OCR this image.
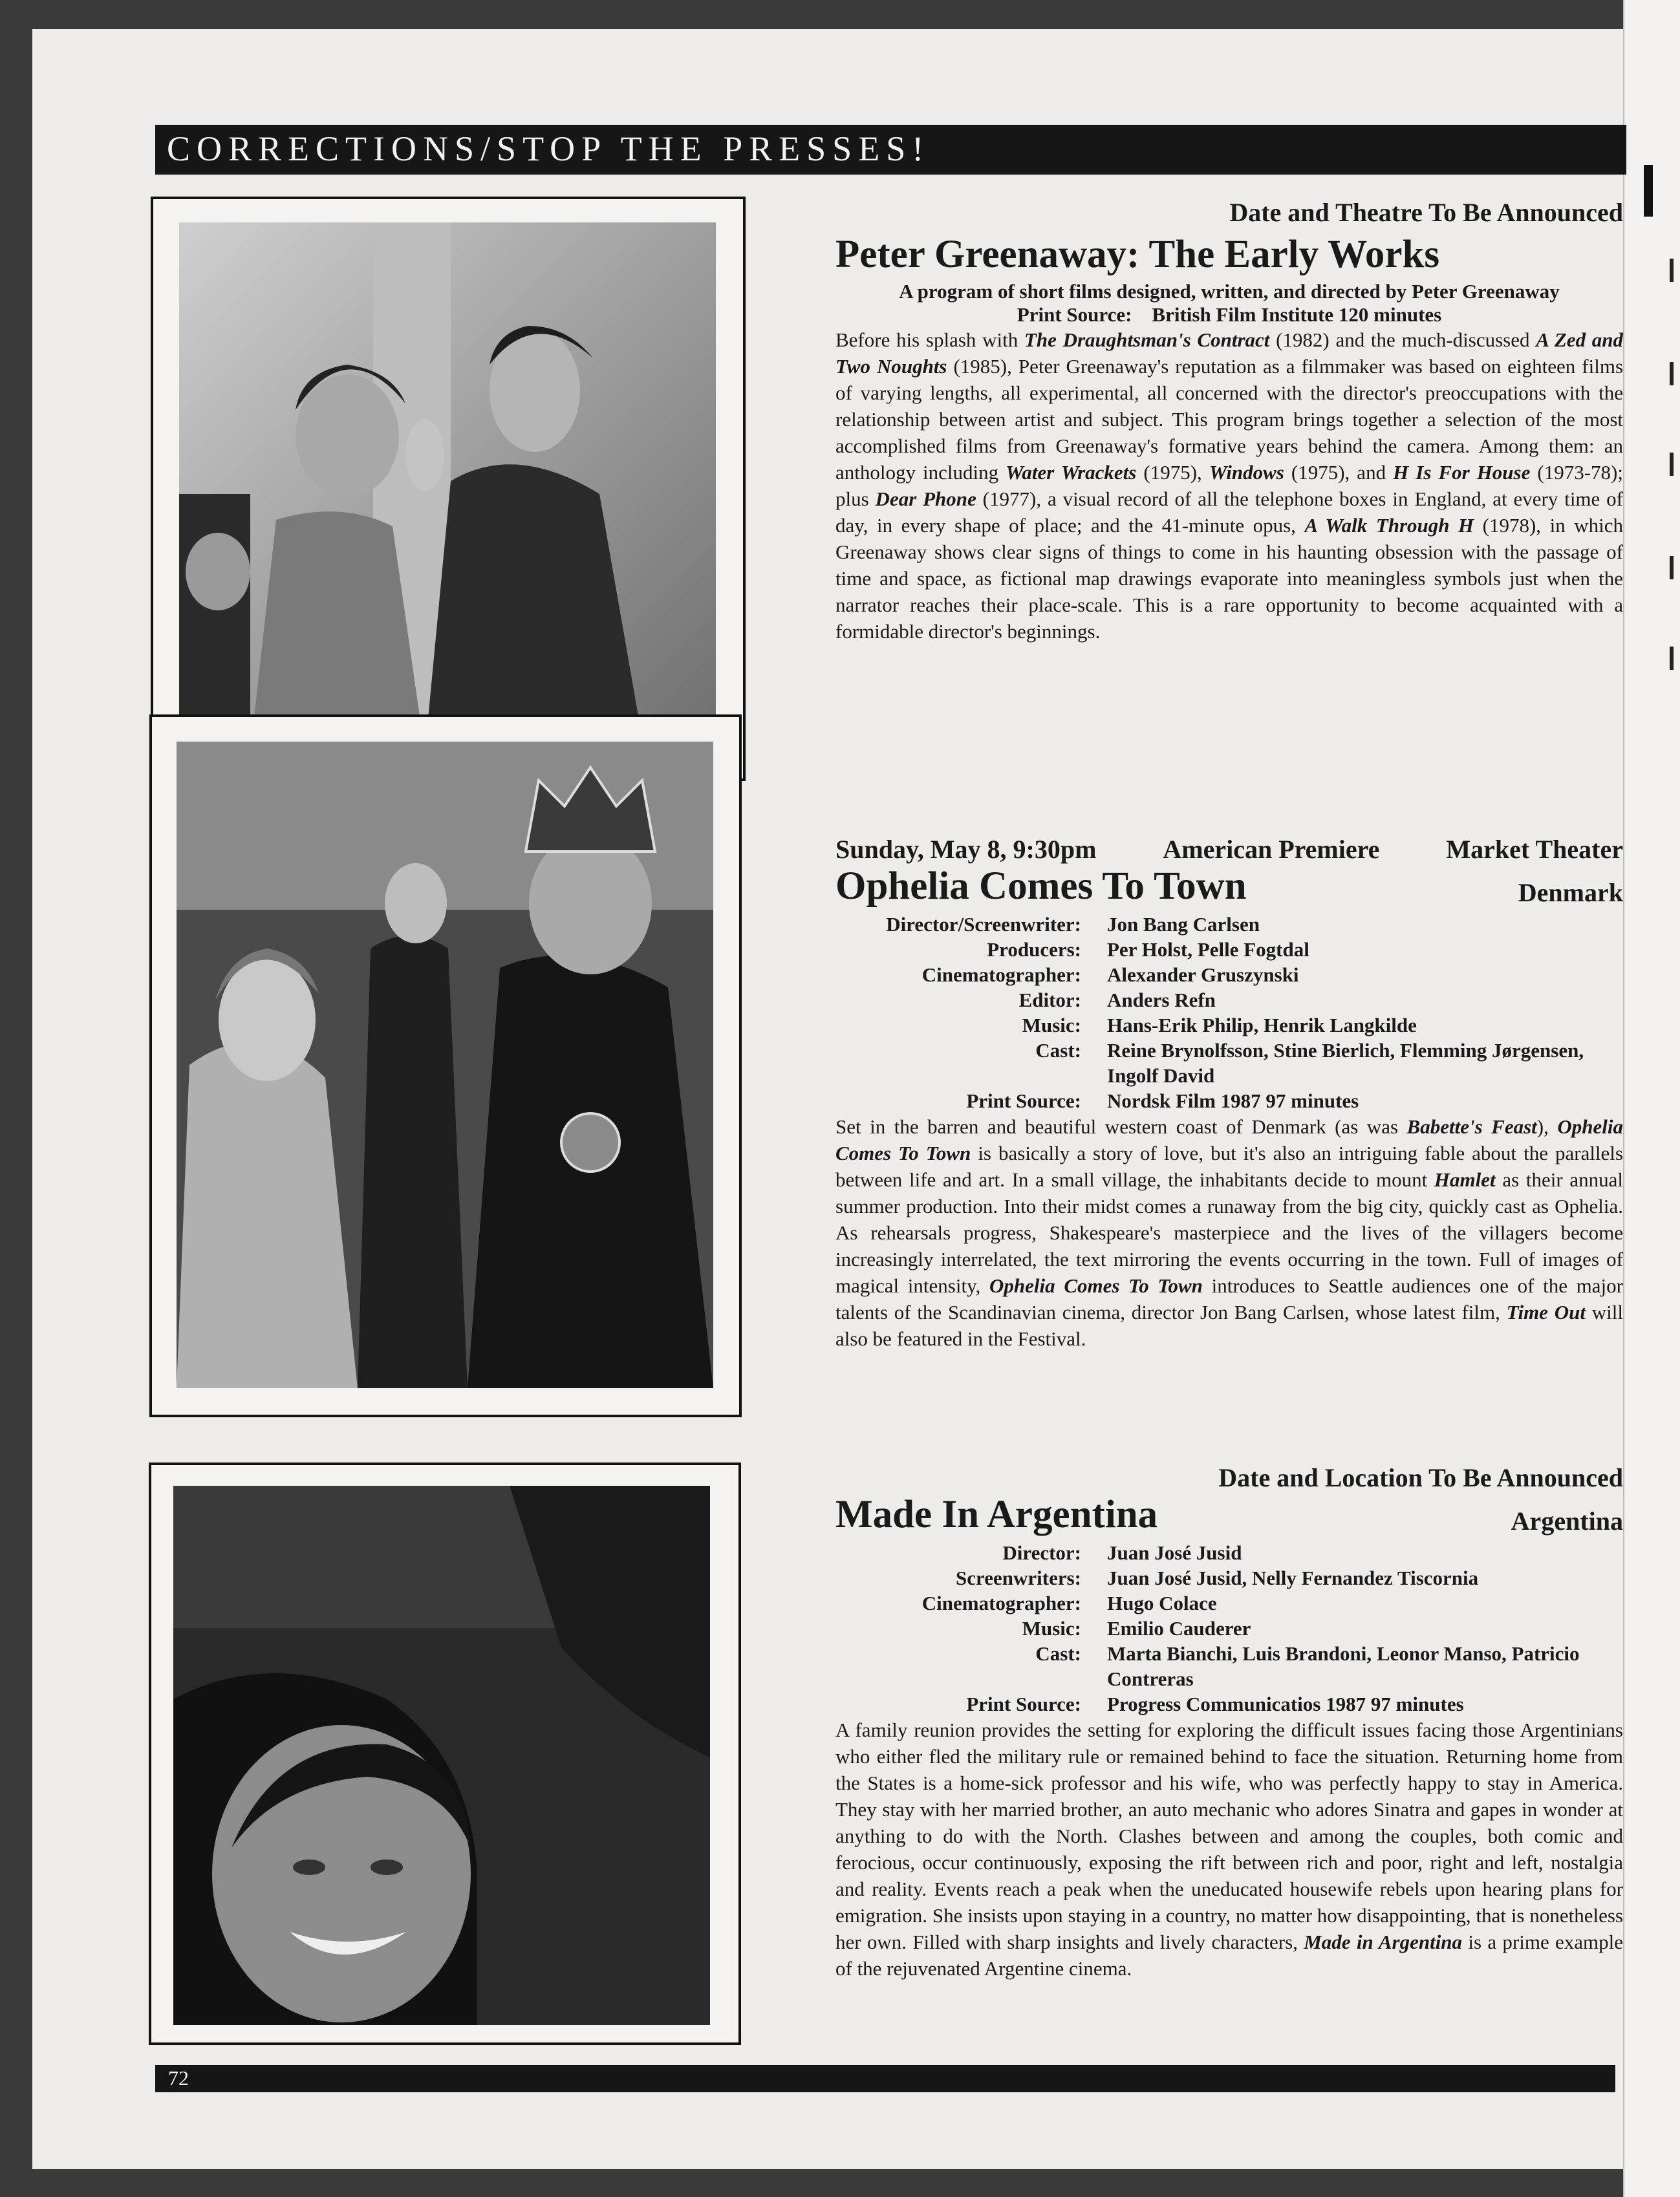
CORRECTIONS/STOP THE PRESSES!
Date and Theatre To Be Announced
Peter Greenaway: The Early Works
A program of short films designed, written, and directed by Peter Greenaway
Print Source: British Film Institute 120 minutes
Before his splash with The Draughtsman's Contract (1982) and the much-discussed A Zed and Two Noughts (1985), Peter Greenaway's reputation as a filmmaker was based on eighteen films of varying lengths, all experimental, all concerned with the director's preoccupations with the relationship between artist and subject. This program brings together a selection of the most accomplished films from Greenaway's formative years behind the camera. Among them: an anthology including Water Wrackets (1975), Windows (1975), and H Is For House (1973-78); plus Dear Phone (1977), a visual record of all the telephone boxes in England, at every time of day, in every shape of place; and the 41-minute opus, A Walk Through H (1978), in which Greenaway shows clear signs of things to come in his haunting obsession with the passage of time and space, as fictional map drawings evaporate into meaningless symbols just when the narrator reaches their place-scale. This is a rare opportunity to become acquainted with a formidable director's beginnings.
Sunday, May 8, 9:30pm	American Premiere	Market Theater
Ophelia Comes To Town	Denmark
Director/Screenwriter:	Jon Bang Carlsen
Producers:	Per Holst, Pelle Fogtdal
Cinematographer:	Alexander Gruszynski
Editor:	Anders Refn
Music:	Hans-Erik Philip, Henrik Langkilde
Cast:	Reine Brynolfsson, Stine Bierlich, Flemming Jørgensen, Ingolf David
Print Source:	Nordsk Film 1987 97 minutes
Set in the barren and beautiful western coast of Denmark (as was Babette's Feast), Ophelia Comes To Town is basically a story of love, but it's also an intriguing fable about the parallels between life and art. In a small village, the inhabitants decide to mount Hamlet as their annual summer production. Into their midst comes a runaway from the big city, quickly cast as Ophelia. As rehearsals progress, Shakespeare's masterpiece and the lives of the villagers become increasingly interrelated, the text mirroring the events occurring in the town. Full of images of magical intensity, Ophelia Comes To Town introduces to Seattle audiences one of the major talents of the Scandinavian cinema, director Jon Bang Carlsen, whose latest film, Time Out will also be featured in the Festival.
Date and Location To Be Announced
Made In Argentina	Argentina
Director:	Juan José Jusid
Screenwriters:	Juan José Jusid, Nelly Fernandez Tiscornia
Cinematographer:	Hugo Colace
Music:	Emilio Cauderer
Cast:	Marta Bianchi, Luis Brandoni, Leonor Manso, Patricio Contreras
Print Source:	Progress Communicatios 1987 97 minutes
A family reunion provides the setting for exploring the difficult issues facing those Argentinians who either fled the military rule or remained behind to face the situation. Returning home from the States is a home-sick professor and his wife, who was perfectly happy to stay in America. They stay with her married brother, an auto mechanic who adores Sinatra and gapes in wonder at anything to do with the North. Clashes between and among the couples, both comic and ferocious, occur continuously, exposing the rift between rich and poor, right and left, nostalgia and reality. Events reach a peak when the uneducated housewife rebels upon hearing plans for emigration. She insists upon staying in a country, no matter how disappointing, that is nonetheless her own. Filled with sharp insights and lively characters, Made in Argentina is a prime example of the rejuvenated Argentine cinema.
72
